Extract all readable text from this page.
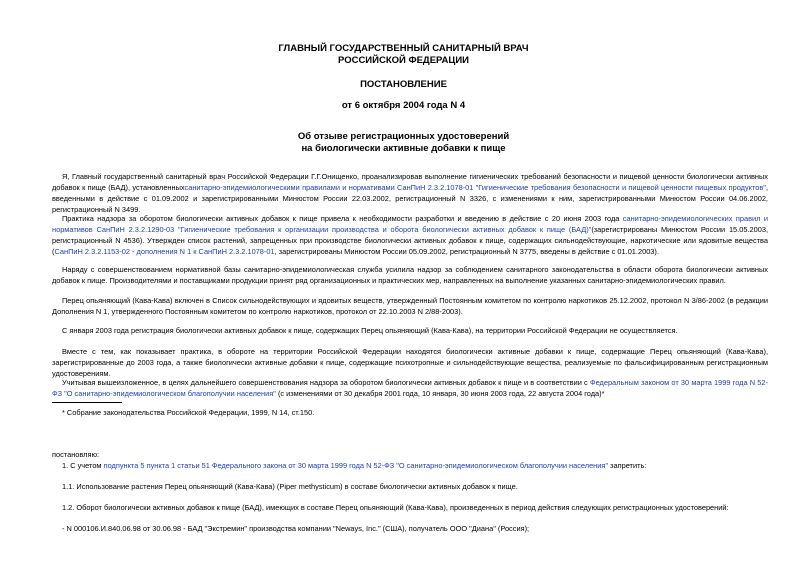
ГЛАВНЫЙ ГОСУДАРСТВЕННЫЙ САНИТАРНЫЙ ВРАЧ
РОССИЙСКОЙ ФЕДЕРАЦИИ
ПОСТАНОВЛЕНИЕ
от 6 октября 2004 года N 4
Об отзыве регистрационных удостоверений
на биологически активные добавки к пище
Я, Главный государственный санитарный врач Российской Федерации Г.Г.Онищенко, проанализировав выполнение гигиенических требований безопасности и пищевой ценности биологически активных добавок к пище (БАД), установленныхсанитарно-эпидемиологическими правилами и нормативами СанПиН 2.3.2.1078-01 "Гигиенические требования безопасности и пищевой ценности пищевых продуктов", введенными в действие с 01.09.2002 и зарегистрированными Минюстом России 22.03.2002, регистрационный N 3326, с изменениями к ним, зарегистрированными Минюстом России 04.06.2002, регистрационный N 3499.
Практика надзора за оборотом биологически активных добавок к пище привела к необходимости разработки и введению в действие с 20 июня 2003 года санитарно-эпидемиологических правил и нормативов СанПиН 2.3.2.1290-03 "Гигиенические требования к организации производства и оборота биологически активных добавок к пище (БАД)"(зарегистрированы Минюстом России 15.05.2003, регистрационный N 4536). Утвержден список растений, запрещенных при производстве биологически активных добавок к пище, содержащих сильнодействующие, наркотические или ядовитые вещества (СанПиН 2.3.2.1153-02 - дополнения N 1 к СанПиН 2.3.2.1078-01, зарегистрированы Минюстом России 05.09.2002, регистрационный N 3775, введены в действие с 01.01.2003).
Наряду с совершенствованием нормативной базы санитарно-эпидемиологическая служба усилила надзор за соблюдением санитарного законодательства в области оборота биологически активных добавок к пище. Производителями и поставщиками продукции принят ряд организационных и практических мер, направленных на выполнение указанных санитарно-эпидемиологических правил.
Перец опьяняющий (Кава-Кава) включен в Список сильнодействующих и ядовитых веществ, утвержденный Постоянным комитетом по контролю наркотиков 25.12.2002, протокол N 3/86-2002 (в редакции Дополнения N 1, утвержденного Постоянным комитетом по контролю наркотиков, протокол от 22.10.2003 N 2/88-2003).
С января 2003 года регистрация биологически активных добавок к пище, содержащих Перец опьяняющий (Кава-Кава), на территории Российской Федерации не осуществляется.
Вместе с тем, как показывает практика, в обороте на территории Российской Федерации находятся биологически активные добавки к пище, содержащие Перец опьяняющий (Кава-Кава), зарегистрированные до 2003 года, а также биологически активные добавки к пище, содержащие психотропные и сильнодействующие вещества, реализуемые по фальсифицированным регистрационным удостоверениям.
Учитывая вышеизложенное, в целях дальнейшего совершенствования надзора за оборотом биологически активных добавок к пище и в соответствии с Федеральным законом от 30 марта 1999 года N 52-ФЗ "О санитарно-эпидемиологическом благополучии населения" (с изменениями от 30 декабря 2001 года, 10 января, 30 июня 2003 года, 22 августа 2004 года)*
* Собрание законодательства Российской Федерации, 1999, N 14, ст.150.
постановляю:
1. С учетом подпункта 5 пункта 1 статьи 51 Федерального закона от 30 марта 1999 года N 52-ФЗ "О санитарно-эпидемиологическом благополучии населения" запретить:
1.1. Использование растения Перец опьяняющий (Кава-Кава) (Piper methysticum) в составе биологически активных добавок к пище.
1.2. Оборот биологически активных добавок к пище (БАД), имеющих в составе Перец опьяняющий (Кава-Кава), произведенных в период действия следующих регистрационных удостоверений:
- N 000106.И.840.06.98 от 30.06.98 - БАД "Экстремин" производства компании "Neways, Inc." (США), получатель ООО "Диана" (Россия);
